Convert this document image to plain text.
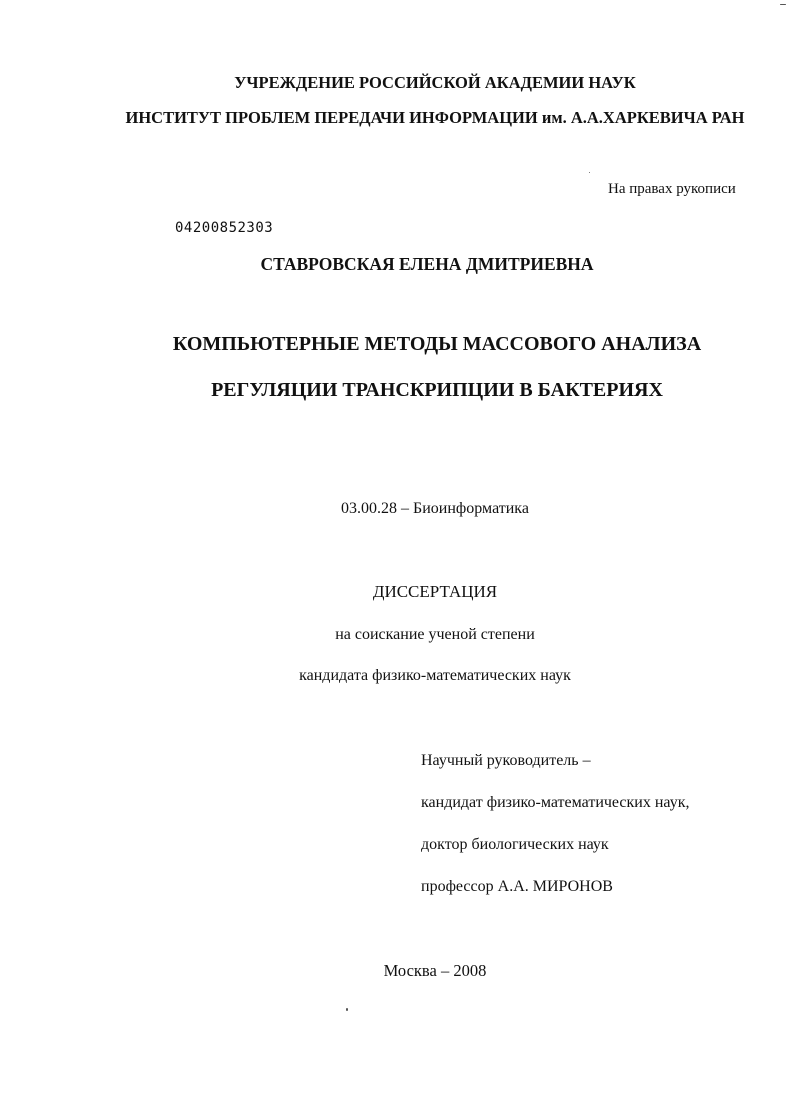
УЧРЕЖДЕНИЕ РОССИЙСКОЙ АКАДЕМИИ НАУК
ИНСТИТУТ ПРОБЛЕМ ПЕРЕДАЧИ ИНФОРМАЦИИ им. А.А.ХАРКЕВИЧА РАН
На правах рукописи
04200852303
СТАВРОВСКАЯ ЕЛЕНА ДМИТРИЕВНА
КОМПЬЮТЕРНЫЕ МЕТОДЫ МАССОВОГО АНАЛИЗА
РЕГУЛЯЦИИ ТРАНСКРИПЦИИ В БАКТЕРИЯХ
03.00.28 – Биоинформатика
ДИССЕРТАЦИЯ
на соискание ученой степени
кандидата физико-математических наук
Научный руководитель –
кандидат физико-математических наук,
доктор биологических наук
профессор А.А. МИРОНОВ
Москва – 2008
